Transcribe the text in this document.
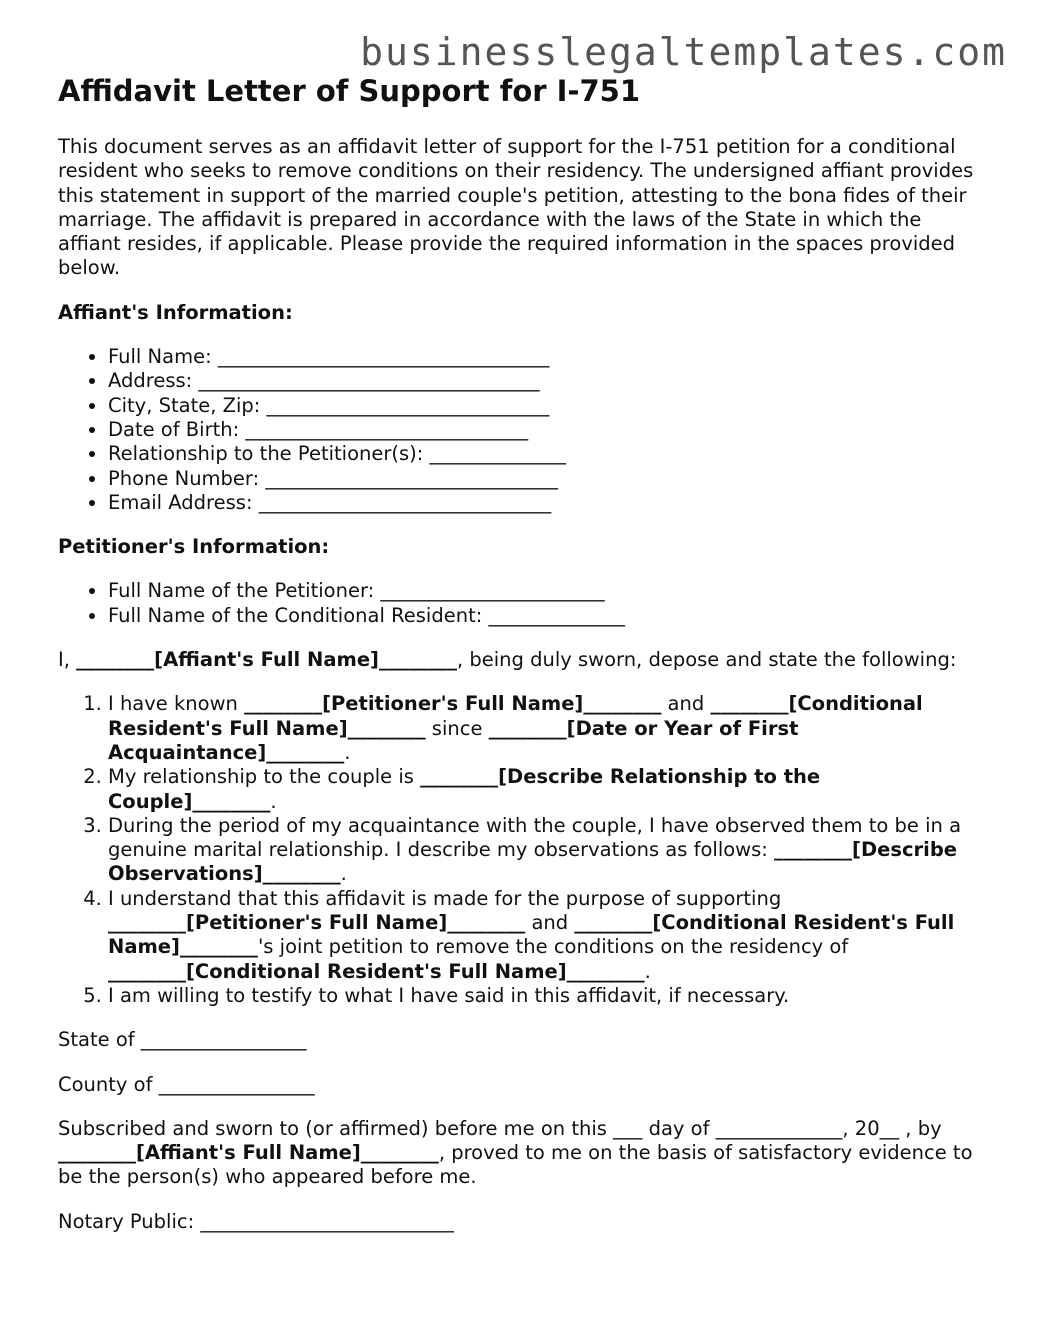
businesslegaltemplates.com
Affidavit Letter of Support for I-751

This document serves as an affidavit letter of support for the I-751 petition for a conditional resident who seeks to remove conditions on their residency. The undersigned affiant provides this statement in support of the married couple's petition, attesting to the bona fides of their marriage. The affidavit is prepared in accordance with the laws of the State in which the affiant resides, if applicable. Please provide the required information in the spaces provided below.

Affiant's Information:

• Full Name: __________________________________
• Address: ___________________________________
• City, State, Zip: _____________________________
• Date of Birth: _____________________________
• Relationship to the Petitioner(s): ______________
• Phone Number: ______________________________
• Email Address: ______________________________

Petitioner's Information:

• Full Name of the Petitioner: _______________________
• Full Name of the Conditional Resident: ______________

I, ________[Affiant's Full Name]________, being duly sworn, depose and state the following:

1. I have known ________[Petitioner's Full Name]________ and ________[Conditional Resident's Full Name]________ since ________[Date or Year of First Acquaintance]________.
2. My relationship to the couple is ________[Describe Relationship to the Couple]________.
3. During the period of my acquaintance with the couple, I have observed them to be in a genuine marital relationship. I describe my observations as follows: ________[Describe Observations]________.
4. I understand that this affidavit is made for the purpose of supporting ________[Petitioner's Full Name]________ and ________[Conditional Resident's Full Name]________'s joint petition to remove the conditions on the residency of ________[Conditional Resident's Full Name]________.
5. I am willing to testify to what I have said in this affidavit, if necessary.

State of _________________

County of ________________

Subscribed and sworn to (or affirmed) before me on this ___ day of _____________, 20__ , by ________[Affiant's Full Name]________, proved to me on the basis of satisfactory evidence to be the person(s) who appeared before me.

Notary Public: __________________________
